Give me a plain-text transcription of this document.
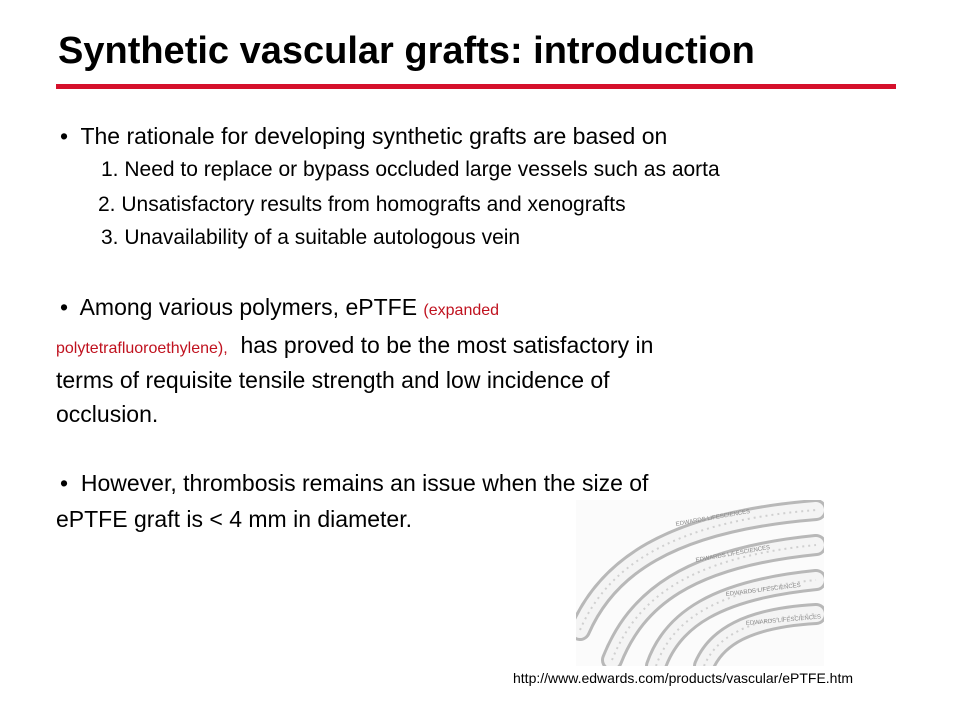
Synthetic vascular grafts: introduction
• The rationale for developing synthetic grafts are based on
1. Need to replace or bypass occluded large vessels such as aorta
2. Unsatisfactory results from homografts and xenografts
3. Unavailability of a suitable autologous vein
• Among various polymers, ePTFE (expanded
polytetrafluoroethylene), has proved to be the most satisfactory in
terms of requisite tensile strength and low incidence of
occlusion.
• However, thrombosis remains an issue when the size of
ePTFE graft is < 4 mm in diameter.	EDWARDS LIFESCIENCES
EDWARDS LIFESCIENCES
EDWARDS LIFESCIENCES
EDWARDS LIFESCIENCES
http://www.edwards.com/products/vascular/ePTFE.htm
